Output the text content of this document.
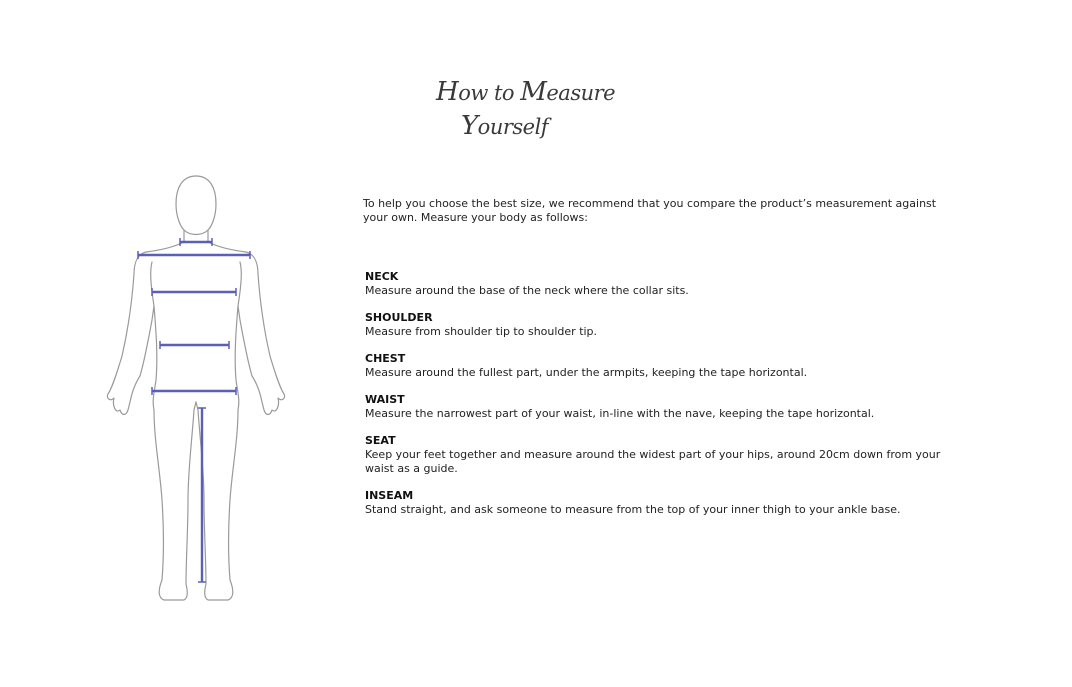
How to Measure
Yourself
To help you choose the best size, we recommend that you compare the product’s measurement against your own. Measure your body as follows:
NECK
Measure around the base of the neck where the collar sits.
SHOULDER
Measure from shoulder tip to shoulder tip.
CHEST
Measure around the fullest part, under the armpits, keeping the tape horizontal.
WAIST
Measure the narrowest part of your waist, in-line with the nave, keeping the tape horizontal.
SEAT
Keep your feet together and measure around the widest part of your hips, around 20cm down from your waist as a guide.
INSEAM
Stand straight, and ask someone to measure from the top of your inner thigh to your ankle base.
